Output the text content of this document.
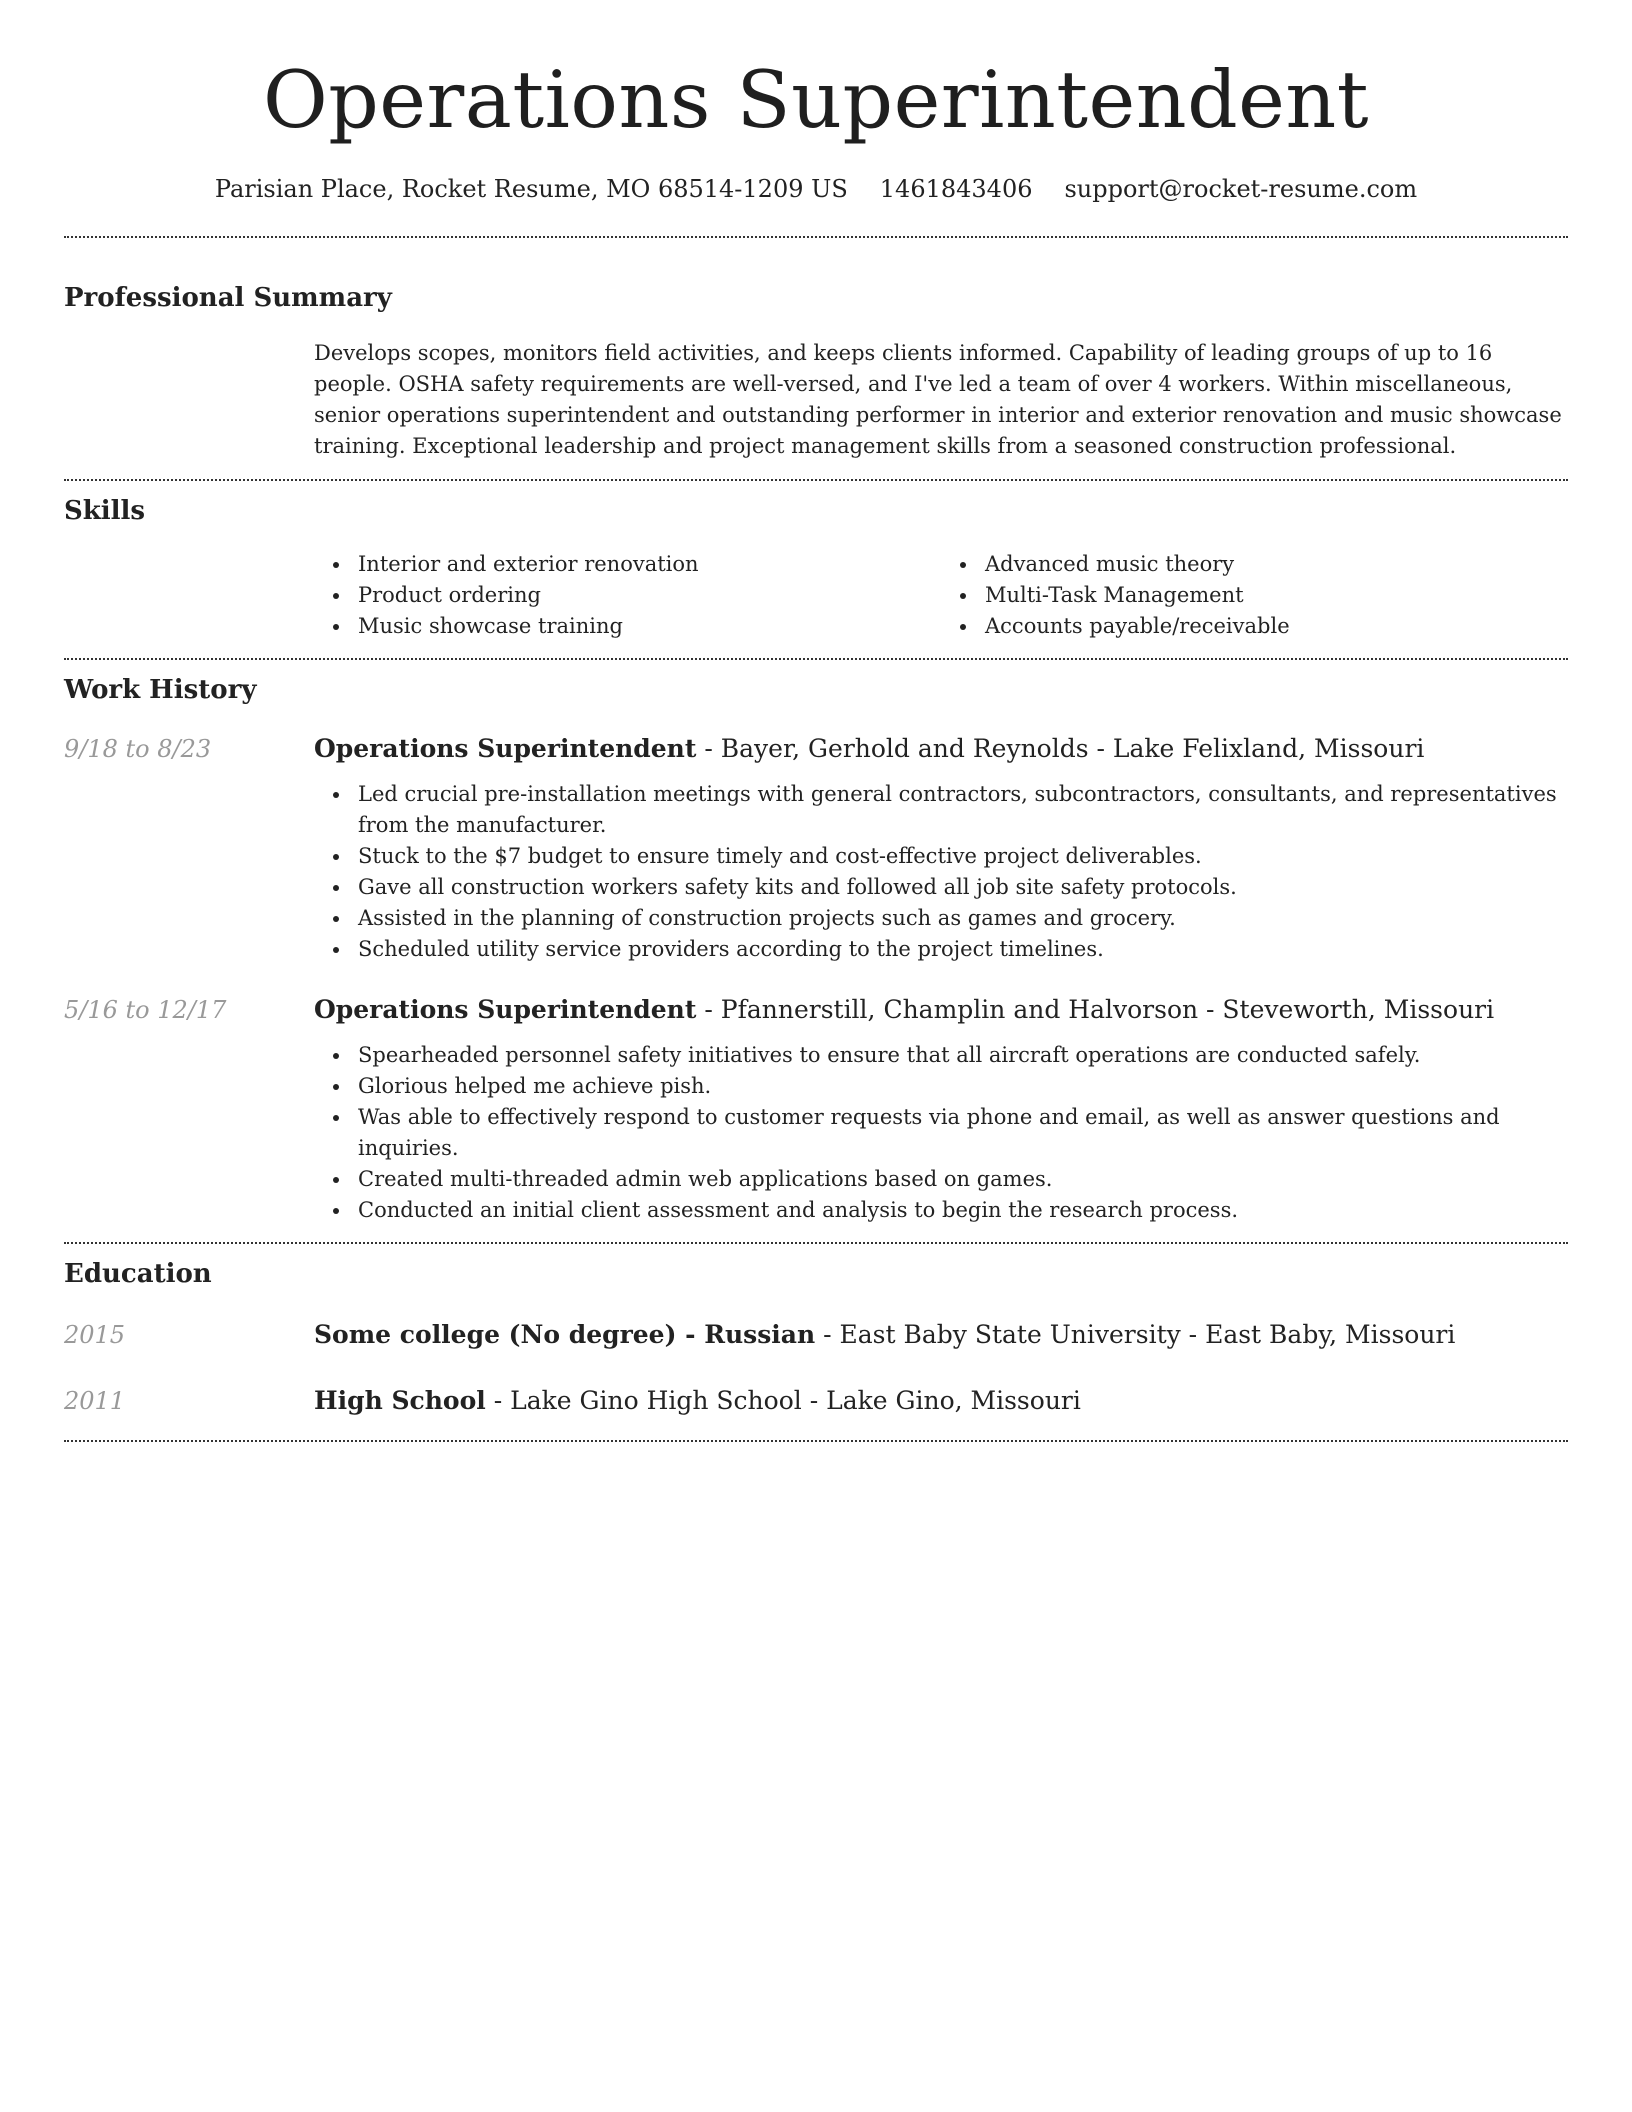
Operations Superintendent
Parisian Place, Rocket Resume, MO 68514-1209 US 1461843406 support@rocket-resume.com
Professional Summary

Develops scopes, monitors field activities, and keeps clients informed. Capability of leading groups of up to 16 people. OSHA safety requirements are well-versed, and I've led a team of over 4 workers. Within miscellaneous, senior operations superintendent and outstanding performer in interior and exterior renovation and music showcase training. Exceptional leadership and project management skills from a seasoned construction professional.

Skills
Interior and exterior renovation
Product ordering
Music showcase training
Advanced music theory
Multi-Task Management
Accounts payable/receivable
Work History
9/18 to 8/23	Operations Superintendent - Bayer, Gerhold and Reynolds - Lake Felixland, Missouri
Led crucial pre-installation meetings with general contractors, subcontractors, consultants, and representatives from the manufacturer.
Stuck to the $7 budget to ensure timely and cost-effective project deliverables.
Gave all construction workers safety kits and followed all job site safety protocols.
Assisted in the planning of construction projects such as games and grocery.
Scheduled utility service providers according to the project timelines.
5/16 to 12/17	Operations Superintendent - Pfannerstill, Champlin and Halvorson - Steveworth, Missouri
Spearheaded personnel safety initiatives to ensure that all aircraft operations are conducted safely.
Glorious helped me achieve pish.
Was able to effectively respond to customer requests via phone and email, as well as answer questions and inquiries.
Created multi-threaded admin web applications based on games.
Conducted an initial client assessment and analysis to begin the research process.
Education
2015	Some college (No degree) - Russian - East Baby State University - East Baby, Missouri
2011	High School - Lake Gino High School - Lake Gino, Missouri
